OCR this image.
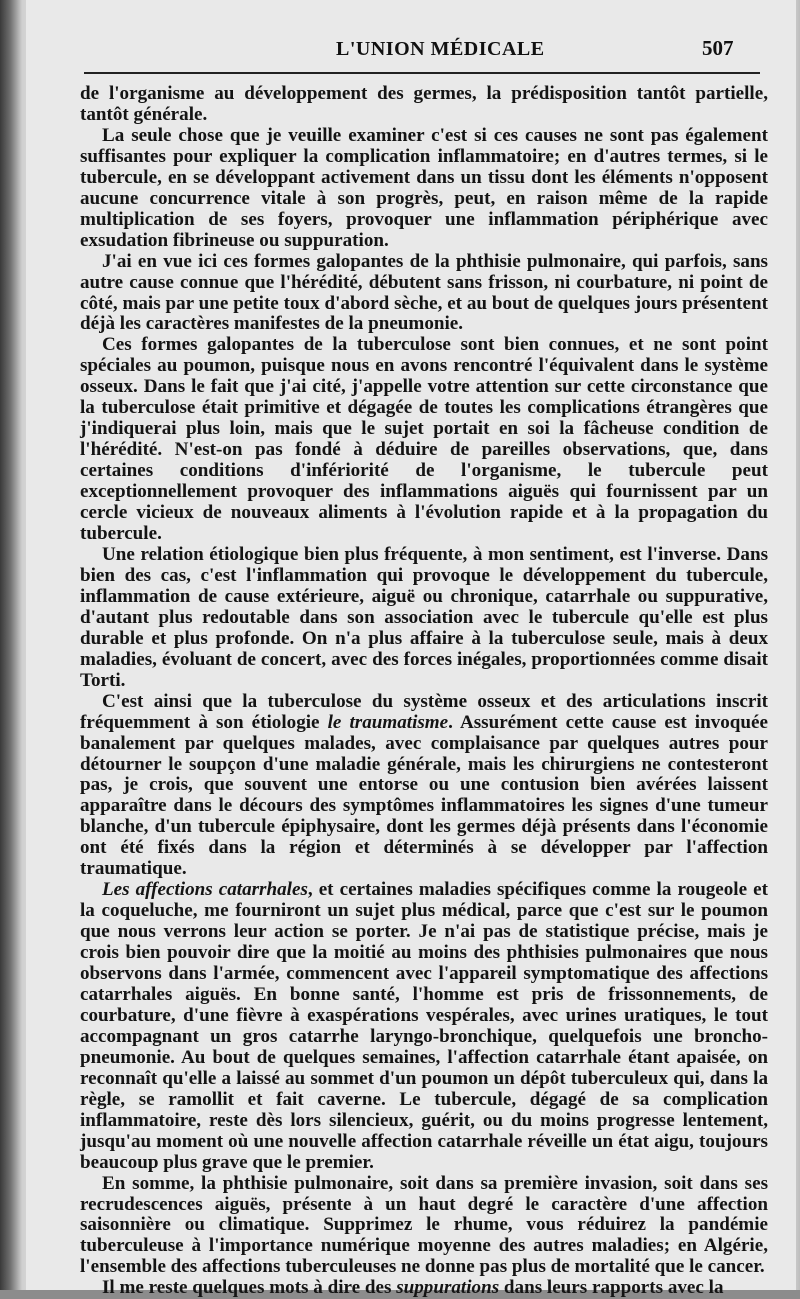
L'UNION MÉDICALE	507

de l'organisme au développement des germes, la prédisposition tantôt partielle, tantôt générale.

La seule chose que je veuille examiner c'est si ces causes ne sont pas également suffisantes pour expliquer la complication inflammatoire; en d'autres termes, si le tubercule, en se développant activement dans un tissu dont les éléments n'opposent aucune concurrence vitale à son progrès, peut, en raison même de la rapide multiplication de ses foyers, provoquer une inflammation périphérique avec exsudation fibrineuse ou suppuration.

J'ai en vue ici ces formes galopantes de la phthisie pulmonaire, qui parfois, sans autre cause connue que l'hérédité, débutent sans frisson, ni courbature, ni point de côté, mais par une petite toux d'abord sèche, et au bout de quelques jours présentent déjà les caractères manifestes de la pneumonie.

Ces formes galopantes de la tuberculose sont bien connues, et ne sont point spéciales au poumon, puisque nous en avons rencontré l'équivalent dans le système osseux. Dans le fait que j'ai cité, j'appelle votre attention sur cette circonstance que la tuberculose était primitive et dégagée de toutes les complications étrangères que j'indiquerai plus loin, mais que le sujet portait en soi la fâcheuse condition de l'hérédité. N'est-on pas fondé à déduire de pareilles observations, que, dans certaines conditions d'infériorité de l'organisme, le tubercule peut exceptionnellement provoquer des inflammations aiguës qui fournissent par un cercle vicieux de nouveaux aliments à l'évolution rapide et à la propagation du tubercule.

Une relation étiologique bien plus fréquente, à mon sentiment, est l'inverse. Dans bien des cas, c'est l'inflammation qui provoque le développement du tubercule, inflammation de cause extérieure, aiguë ou chronique, catarrhale ou suppurative, d'autant plus redoutable dans son association avec le tubercule qu'elle est plus durable et plus profonde. On n'a plus affaire à la tuberculose seule, mais à deux maladies, évoluant de concert, avec des forces inégales, proportionnées comme disait Torti.

C'est ainsi que la tuberculose du système osseux et des articulations inscrit fréquemment à son étiologie le traumatisme. Assurément cette cause est invoquée banalement par quelques malades, avec complaisance par quelques autres pour détourner le soupçon d'une maladie générale, mais les chirurgiens ne contesteront pas, je crois, que souvent une entorse ou une contusion bien avérées laissent apparaître dans le décours des symptômes inflammatoires les signes d'une tumeur blanche, d'un tubercule épiphysaire, dont les germes déjà présents dans l'économie ont été fixés dans la région et déterminés à se développer par l'affection traumatique.

Les affections catarrhales, et certaines maladies spécifiques comme la rougeole et la coqueluche, me fourniront un sujet plus médical, parce que c'est sur le poumon que nous verrons leur action se porter. Je n'ai pas de statistique précise, mais je crois bien pouvoir dire que la moitié au moins des phthisies pulmonaires que nous observons dans l'armée, commencent avec l'appareil symptomatique des affections catarrhales aiguës. En bonne santé, l'homme est pris de frissonnements, de courbature, d'une fièvre à exaspérations vespérales, avec urines uratiques, le tout accompagnant un gros catarrhe laryngo-bronchique, quelquefois une broncho-pneumonie. Au bout de quelques semaines, l'affection catarrhale étant apaisée, on reconnaît qu'elle a laissé au sommet d'un poumon un dépôt tuberculeux qui, dans la règle, se ramollit et fait caverne. Le tubercule, dégagé de sa complication inflammatoire, reste dès lors silencieux, guérit, ou du moins progresse lentement, jusqu'au moment où une nouvelle affection catarrhale réveille un état aigu, toujours beaucoup plus grave que le premier.

En somme, la phthisie pulmonaire, soit dans sa première invasion, soit dans ses recrudescences aiguës, présente à un haut degré le caractère d'une affection saisonnière ou climatique. Supprimez le rhume, vous réduirez la pandémie tuberculeuse à l'importance numérique moyenne des autres maladies; en Algérie, l'ensemble des affections tuberculeuses ne donne pas plus de mortalité que le cancer.

Il me reste quelques mots à dire des suppurations dans leurs rapports avec la
